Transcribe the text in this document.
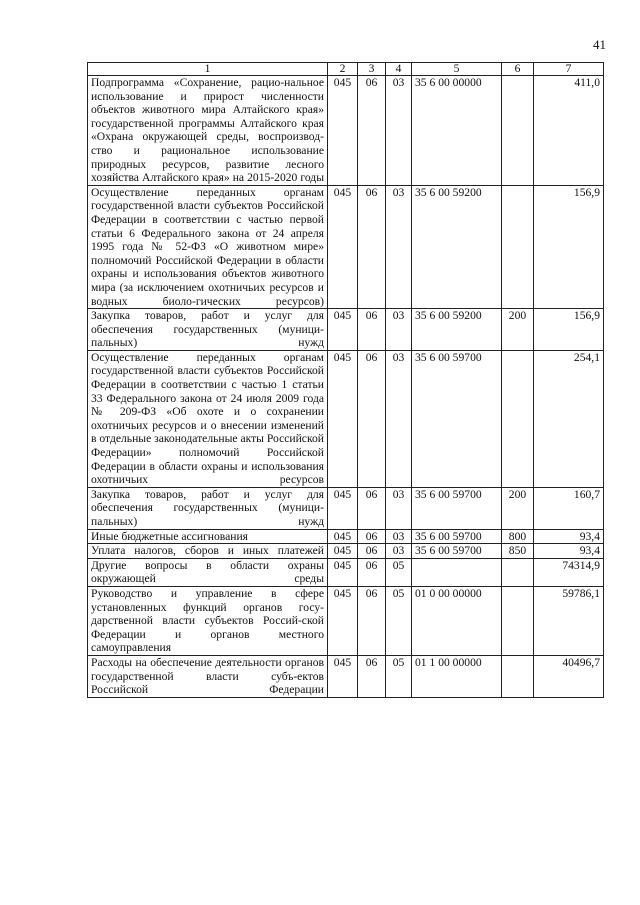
41
1	2	3	4	5	6	7
Подпрограмма «Сохранение, рацио-нальное использование и прирост численности объектов животного мира Алтайского края» государственной программы Алтайского края «Охрана окружающей среды, воспроизвод-ство и рациональное использование природных ресурсов, развитие лесного хозяйства Алтайского края» на 2015-2020 годы	045	06	03	35 6 00 00000		411,0
Осуществление переданных органам государственной власти субъектов Российской Федерации в соответствии с частью первой статьи 6 Федерального закона от 24 апреля 1995 года № 52-ФЗ «О животном мире» полномочий Российской Федерации в области охраны и использования объектов животного мира (за исключением охотничьих ресурсов и водных биоло-гических ресурсов)	045	06	03	35 6 00 59200		156,9
Закупка товаров, работ и услуг для обеспечения государственных (муници-пальных) нужд	045	06	03	35 6 00 59200	200	156,9
Осуществление переданных органам государственной власти субъектов Российской Федерации в соответствии с частью 1 статьи 33 Федерального закона от 24 июля 2009 года № 209-ФЗ «Об охоте и о сохранении охотничьих ресурсов и о внесении изменений в отдельные законодательные акты Российской Федерации» полномочий Российской Федерации в области охраны и использования охотничьих ресурсов	045	06	03	35 6 00 59700		254,1
Закупка товаров, работ и услуг для обеспечения государственных (муници-пальных) нужд	045	06	03	35 6 00 59700	200	160,7
Иные бюджетные ассигнования	045	06	03	35 6 00 59700	800	93,4
Уплата налогов, сборов и иных платежей	045	06	03	35 6 00 59700	850	93,4
Другие вопросы в области охраны окружающей среды	045	06	05			74314,9
Руководство и управление в сфере установленных функций органов госу-дарственной власти субъектов Россий-ской Федерации и органов местного самоуправления	045	06	05	01 0 00 00000		59786,1
Расходы на обеспечение деятельности органов государственной власти субъ-ектов Российской Федерации	045	06	05	01 1 00 00000		40496,7
